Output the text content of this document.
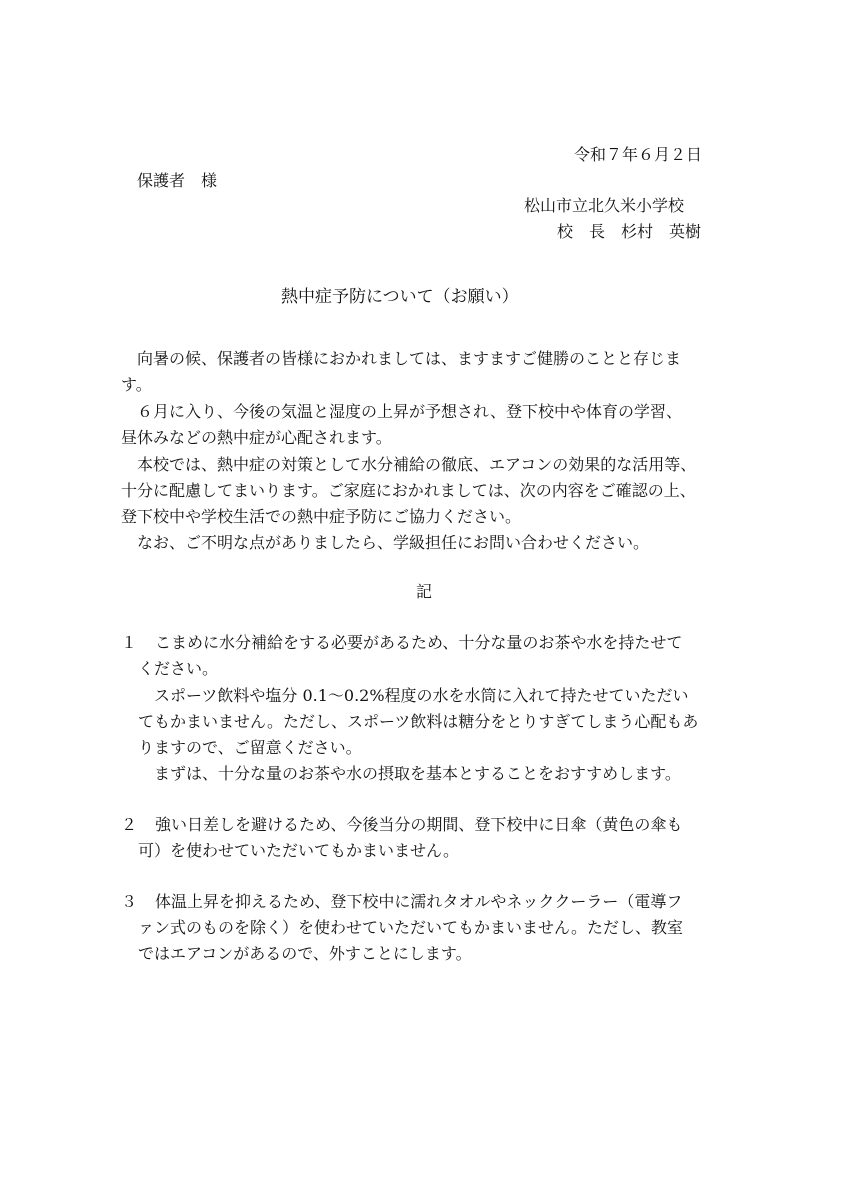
令和７年６月２日
保護者　様
松山市立北久米小学校
校　長　杉村　英樹
熱中症予防について（お願い）
　向暑の候、保護者の皆様におかれましては、ますますご健勝のことと存じま
す。
　６月に入り、今後の気温と湿度の上昇が予想され、登下校中や体育の学習、
昼休みなどの熱中症が心配されます。
　本校では、熱中症の対策として水分補給の徹底、エアコンの効果的な活用等、
十分に配慮してまいります。ご家庭におかれましては、次の内容をご確認の上、
登下校中や学校生活での熱中症予防にご協力ください。
　なお、ご不明な点がありましたら、学級担任にお問い合わせください。
記
１ こまめに水分補給をする必要があるため、十分な量のお茶や水を持たせて
ください。
　スポーツ飲料や塩分 0.1～0.2%程度の水を水筒に入れて持たせていただい
てもかまいません。ただし、スポーツ飲料は糖分をとりすぎてしまう心配もあ
りますので、ご留意ください。
　まずは、十分な量のお茶や水の摂取を基本とすることをおすすめします。
２ 強い日差しを避けるため、今後当分の期間、登下校中に日傘（黄色の傘も
可）を使わせていただいてもかまいません。
３ 体温上昇を抑えるため、登下校中に濡れタオルやネッククーラー（電導フ
ァン式のものを除く）を使わせていただいてもかまいません。ただし、教室
ではエアコンがあるので、外すことにします。
